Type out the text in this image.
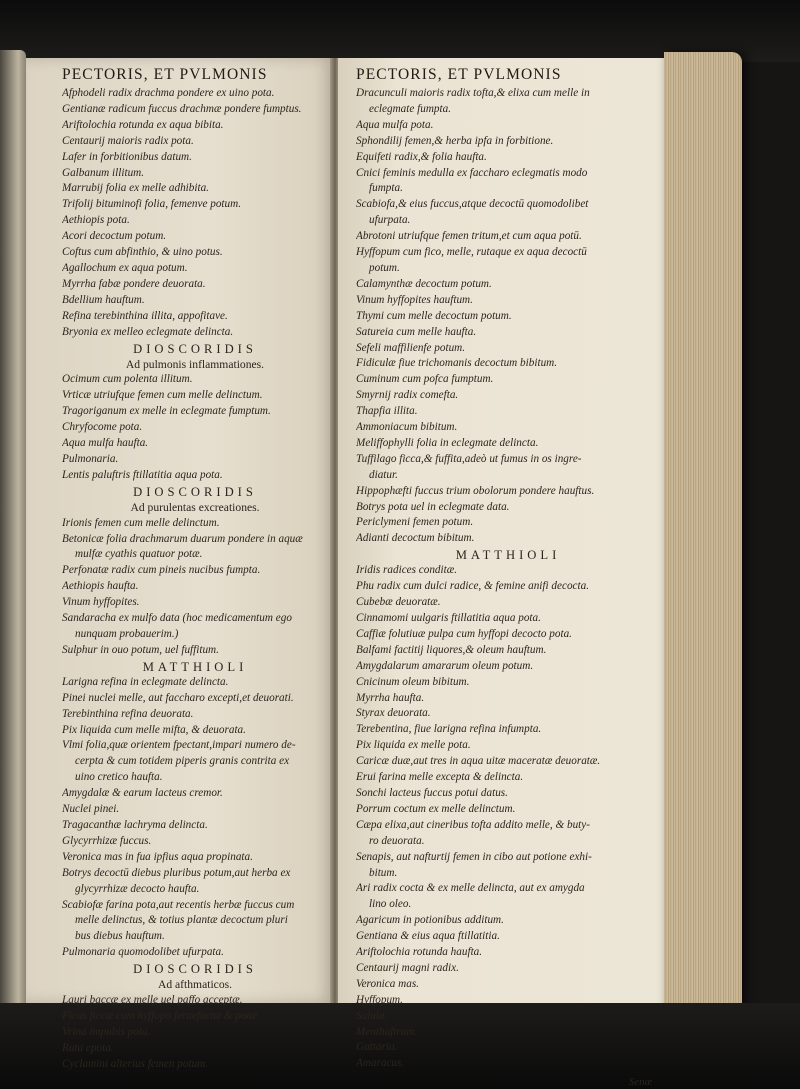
PECTORIS, ET PVLMONIS
Afphodeli radix drachma pondere ex uino pota.
Gentianæ radicum fuccus drachmæ pondere fumptus.
Ariftolochia rotunda ex aqua bibita.
Centaurij maioris radix pota.
Lafer in forbitionibus datum.
Galbanum illitum.
Marrubij folia ex melle adhibita.
Trifolij bituminofi folia, femenve potum.
Aethiopis pota.
Acori decoctum potum.
Coftus cum abfinthio, & uino potus.
Agallochum ex aqua potum.
Myrrha fabæ pondere deuorata.
Bdellium hauftum.
Refina terebinthina illita, appofitave.
Bryonia ex melleo eclegmate delincta.
DIOSCORIDIS
Ad pulmonis inflammationes.
Ocimum cum polenta illitum.
Vrticæ utriufque femen cum melle delinctum.
Tragoriganum ex melle in eclegmate fumptum.
Chryfocome pota.
Aqua mulfa haufta.
Pulmonaria.
Lentis paluftris ftillatitia aqua pota.
DIOSCORIDIS
Ad purulentas excreationes.
Irionis femen cum melle delinctum.
Betonicæ folia drachmarum duarum pondere in aquæ
mulfæ cyathis quatuor potæ.
Perfonatæ radix cum pineis nucibus fumpta.
Aethiopis haufta.
Vinum hyffopites.
Sandaracha ex mulfo data (hoc medicamentum ego
nunquam probauerim.)
Sulphur in ouo potum, uel fuffitum.
MATTHIOLI
Larigna refina in eclegmate delincta.
Pinei nuclei melle, aut faccharo excepti,et deuorati.
Terebinthina refina deuorata.
Pix liquida cum melle mifta, & deuorata.
Vlmi folia,quæ orientem fpectant,impari numero de-
cerpta & cum totidem piperis granis contrita ex
uino cretico haufta.
Amygdalæ & earum lacteus cremor.
Nuclei pinei.
Tragacanthæ lachryma delincta.
Glycyrrhizæ fuccus.
Veronica mas in fua ipfius aqua propinata.
Botrys decoctū diebus pluribus potum,aut herba ex
glycyrrhizæ decocto haufta.
Scabiofæ farina pota,aut recentis herbæ fuccus cum
melle delinctus, & totius plantæ decoctum pluri
bus diebus hauftum.
Pulmonaria quomodolibet ufurpata.
DIOSCORIDIS
Ad afthmaticos.
Lauri baccæ ex melle uel paffo acceptæ.
Ficus ficcæ cum hyffopo feruefactæ & potæ.
Vrina impubis pota.
Ruta epota.
Cyclamini alterius femen potum.
PECTORIS, ET PVLMONIS
Dracunculi maioris radix tofta,& elixa cum melle in
eclegmate fumpta.
Aqua mulfa pota.
Sphondilij femen,& herba ipfa in forbitione.
Equifeti radix,& folia haufta.
Cnici feminis medulla ex faccharo eclegmatis modo
fumpta.
Scabiofa,& eius fuccus,atque decoctū quomodolibet
ufurpata.
Abrotoni utriufque femen tritum,et cum aqua potū.
Hyffopum cum fico, melle, rutaque ex aqua decoctū
potum.
Calamynthæ decoctum potum.
Vinum hyffopites hauftum.
Thymi cum melle decoctum potum.
Satureia cum melle haufta.
Sefeli maffilienfe potum.
Fidiculæ fiue trichomanis decoctum bibitum.
Cuminum cum pofca fumptum.
Smyrnij radix comefta.
Thapfia illita.
Ammoniacum bibitum.
Meliffophylli folia in eclegmate delincta.
Tuffilago ficca,& fuffita,adeò ut fumus in os ingre-
diatur.
Hippophæfti fuccus trium obolorum pondere hauftus.
Botrys pota uel in eclegmate data.
Periclymeni femen potum.
Adianti decoctum bibitum.
MATTHIOLI
Iridis radices conditæ.
Phu radix cum dulci radice, & femine anifi decocta.
Cubebæ deuoratæ.
Cinnamomi uulgaris ftillatitia aqua pota.
Caffiæ folutiuæ pulpa cum hyffopi decocto pota.
Balfami factitij liquores,& oleum hauftum.
Amygdalarum amararum oleum potum.
Cnicinum oleum bibitum.
Myrrha haufta.
Styrax deuorata.
Terebentina, fiue larigna refina infumpta.
Pix liquida ex melle pota.
Caricæ duæ,aut tres in aqua uitæ maceratæ deuoratæ.
Erui farina melle excepta & delincta.
Sonchi lacteus fuccus potui datus.
Porrum coctum ex melle delinctum.
Cæpa elixa,aut cineribus tofta addito melle, & buty-
ro deuorata.
Senapis, aut nafturtij femen in cibo aut potione exhi-
bitum.
Ari radix cocta & ex melle delincta, aut ex amygda
lino oleo.
Agaricum in potionibus additum.
Gentiana & eius aqua ftillatitia.
Ariftolochia rotunda haufta.
Centaurij magni radix.
Veronica mas.
Hyffopum.
Saluia.
Menthaftrum.
Gattaria.
Amaracus.
Senæ
